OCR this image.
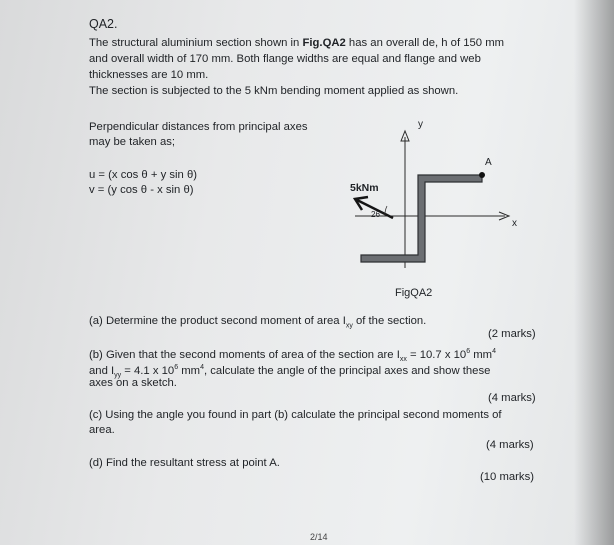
QA2.
The structural aluminium section shown in Fig.QA2 has an overall de, h of 150 mm
and overall width of 170 mm. Both flange widths are equal and flange and web
thicknesses are 10 mm.
The section is subjected to the 5 kNm bending moment applied as shown.
Perpendicular distances from principal axes
may be taken as;
u = (x cos θ + y sin θ)
v = (y cos θ - x sin θ)
y
x
A
5kNm
26°
FigQA2
(a) Determine the product second moment of area $I_{xy}$ of the section.
(2 marks)
(b) Given that the second moments of area of the section are $I_{xx} = 10.7$ x $10^6$ $mm^4$
and $I_{yy} = 4.1$ x $10^6$ $mm^4$, calculate the angle of the principal axes and show these
axes on a sketch.
(4 marks)
(c) Using the angle you found in part (b) calculate the principal second moments of
area.
(4 marks)
(d) Find the resultant stress at point A.
(10 marks)
2/14
